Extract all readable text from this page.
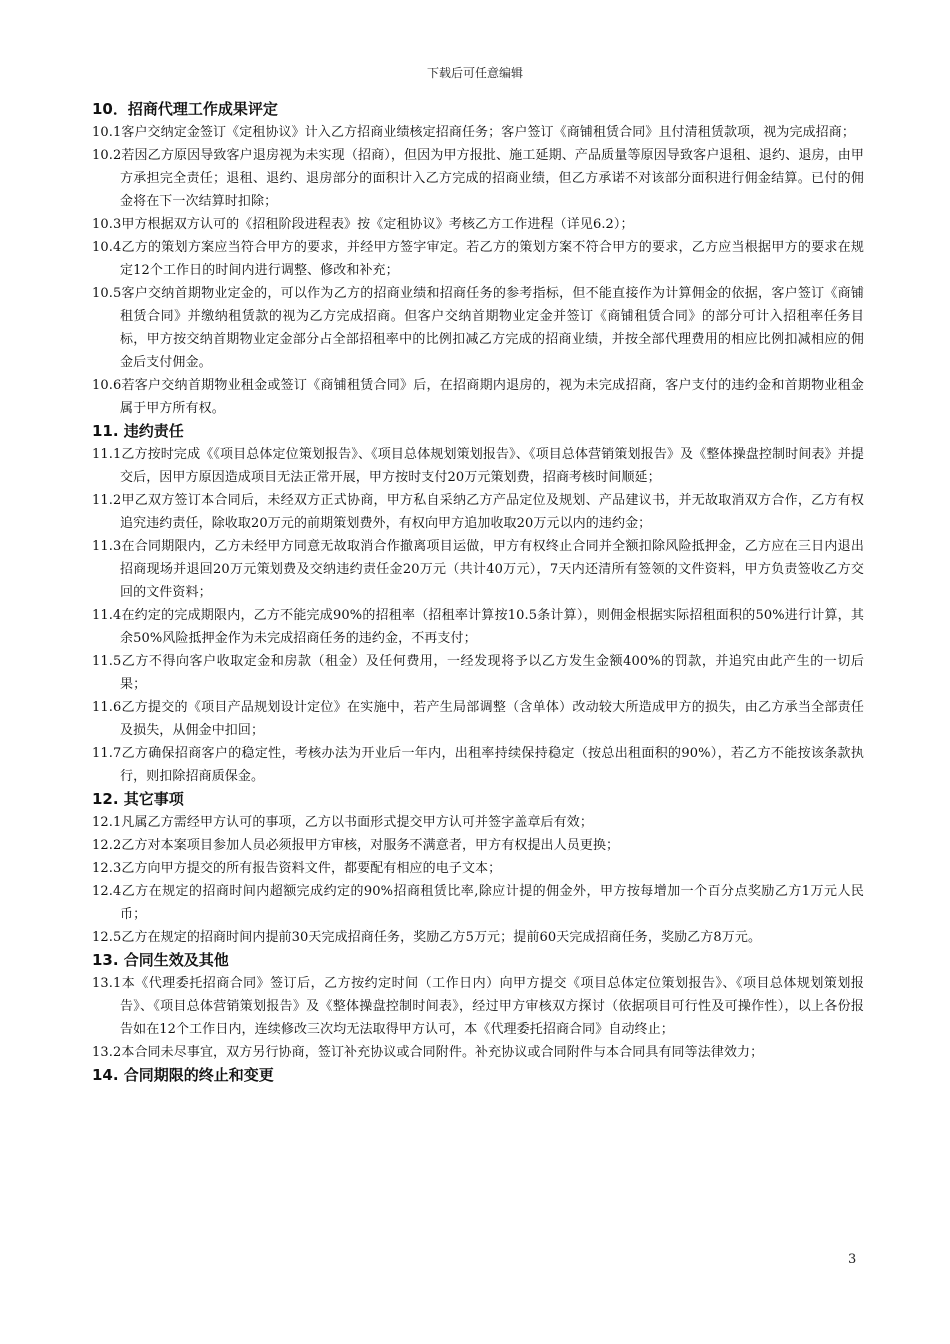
下载后可任意编辑
10．招商代理工作成果评定

10.1客户交纳定金签订《定租协议》计入乙方招商业绩核定招商任务；客户签订《商铺租赁合同》且付清租赁款项，视为完成招商；

10.2若因乙方原因导致客户退房视为未实现（招商），但因为甲方报批、施工延期、产品质量等原因导致客户退租、退约、退房，由甲方承担完全责任；退租、退约、退房部分的面积计入乙方完成的招商业绩，但乙方承诺不对该部分面积进行佣金结算。已付的佣金将在下一次结算时扣除；

10.3甲方根据双方认可的《招租阶段进程表》按《定租协议》考核乙方工作进程（详见6.2）；

10.4乙方的策划方案应当符合甲方的要求，并经甲方签字审定。若乙方的策划方案不符合甲方的要求，乙方应当根据甲方的要求在规定12个工作日的时间内进行调整、修改和补充；

10.5客户交纳首期物业定金的，可以作为乙方的招商业绩和招商任务的参考指标，但不能直接作为计算佣金的依据，客户签订《商铺租赁合同》并缴纳租赁款的视为乙方完成招商。但客户交纳首期物业定金并签订《商铺租赁合同》的部分可计入招租率任务目标，甲方按交纳首期物业定金部分占全部招租率中的比例扣减乙方完成的招商业绩，并按全部代理费用的相应比例扣减相应的佣金后支付佣金。

10.6若客户交纳首期物业租金或签订《商铺租赁合同》后，在招商期内退房的，视为未完成招商，客户支付的违约金和首期物业租金属于甲方所有权。

11. 违约责任

11.1乙方按时完成《《项目总体定位策划报告》、《项目总体规划策划报告》、《项目总体营销策划报告》及《整体操盘控制时间表》并提交后，因甲方原因造成项目无法正常开展，甲方按时支付20万元策划费，招商考核时间顺延；

11.2甲乙双方签订本合同后，未经双方正式协商，甲方私自采纳乙方产品定位及规划、产品建议书，并无故取消双方合作，乙方有权追究违约责任，除收取20万元的前期策划费外，有权向甲方追加收取20万元以内的违约金；

11.3在合同期限内，乙方未经甲方同意无故取消合作撤离项目运做，甲方有权终止合同并全额扣除风险抵押金，乙方应在三日内退出招商现场并退回20万元策划费及交纳违约责任金20万元（共计40万元），7天内还清所有签领的文件资料，甲方负责签收乙方交回的文件资料；

11.4在约定的完成期限内，乙方不能完成90%的招租率（招租率计算按10.5条计算），则佣金根据实际招租面积的50%进行计算，其余50%风险抵押金作为未完成招商任务的违约金，不再支付；

11.5乙方不得向客户收取定金和房款（租金）及任何费用，一经发现将予以乙方发生金额400%的罚款，并追究由此产生的一切后果；

11.6乙方提交的《项目产品规划设计定位》在实施中，若产生局部调整（含单体）改动较大所造成甲方的损失，由乙方承当全部责任及损失，从佣金中扣回；

11.7乙方确保招商客户的稳定性，考核办法为开业后一年内，出租率持续保持稳定（按总出租面积的90%），若乙方不能按该条款执行，则扣除招商质保金。

12. 其它事项

12.1凡属乙方需经甲方认可的事项，乙方以书面形式提交甲方认可并签字盖章后有效；

12.2乙方对本案项目参加人员必须报甲方审核，对服务不满意者，甲方有权提出人员更换；

12.3乙方向甲方提交的所有报告资料文件，都要配有相应的电子文本；

12.4乙方在规定的招商时间内超额完成约定的90%招商租赁比率,除应计提的佣金外，甲方按每增加一个百分点奖励乙方1万元人民币；

12.5乙方在规定的招商时间内提前30天完成招商任务，奖励乙方5万元；提前60天完成招商任务，奖励乙方8万元。

13. 合同生效及其他

13.1本《代理委托招商合同》签订后，乙方按约定时间（工作日内）向甲方提交《项目总体定位策划报告》、《项目总体规划策划报告》、《项目总体营销策划报告》及《整体操盘控制时间表》，经过甲方审核双方探讨（依据项目可行性及可操作性），以上各份报告如在12个工作日内，连续修改三次均无法取得甲方认可，本《代理委托招商合同》自动终止；

13.2本合同未尽事宜，双方另行协商，签订补充协议或合同附件。补充协议或合同附件与本合同具有同等法律效力；

14. 合同期限的终止和变更
3
